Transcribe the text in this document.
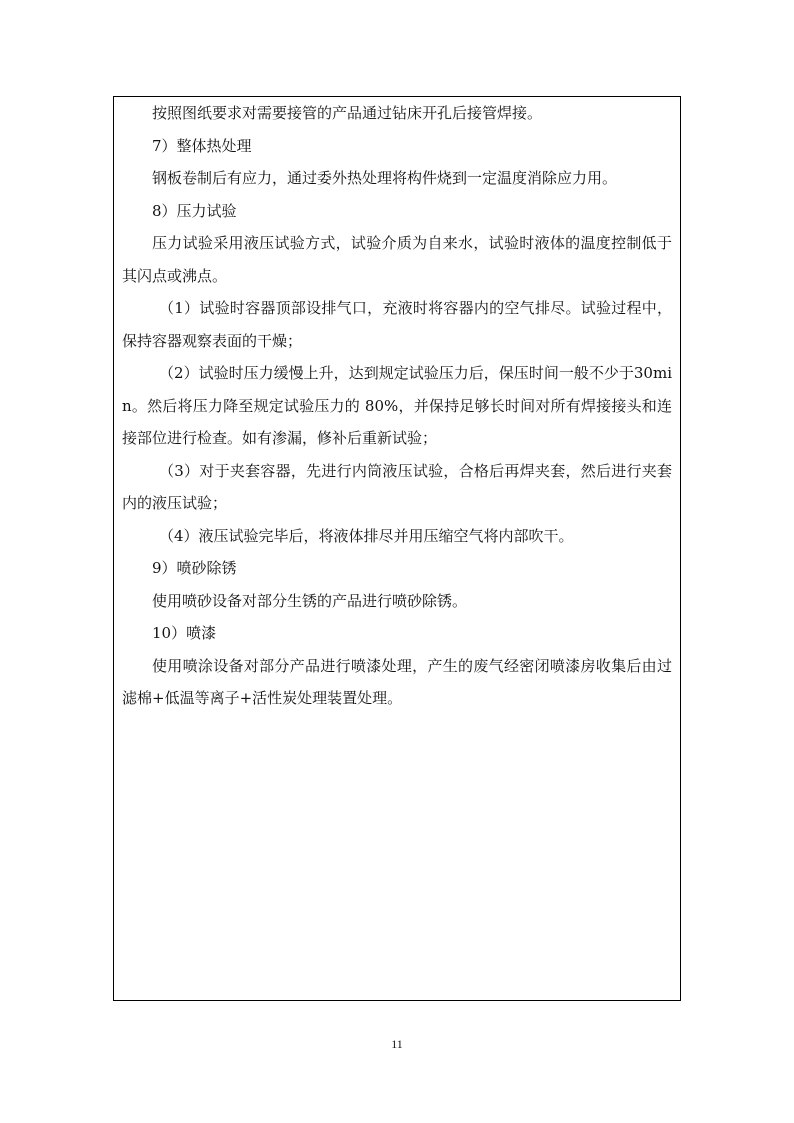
按照图纸要求对需要接管的产品通过钻床开孔后接管焊接。

7）整体热处理

钢板卷制后有应力，通过委外热处理将构件烧到一定温度消除应力用。

8）压力试验

压力试验采用液压试验方式，试验介质为自来水，试验时液体的温度控制低于其闪点或沸点。

（1）试验时容器顶部设排气口，充液时将容器内的空气排尽。试验过程中，保持容器观察表面的干燥；

（2）试验时压力缓慢上升，达到规定试验压力后，保压时间一般不少于30min。然后将压力降至规定试验压力的 80%，并保持足够长时间对所有焊接接头和连接部位进行检查。如有渗漏，修补后重新试验；

（3）对于夹套容器，先进行内筒液压试验，合格后再焊夹套，然后进行夹套内的液压试验；

（4）液压试验完毕后，将液体排尽并用压缩空气将内部吹干。

9）喷砂除锈

使用喷砂设备对部分生锈的产品进行喷砂除锈。

10）喷漆

使用喷涂设备对部分产品进行喷漆处理，产生的废气经密闭喷漆房收集后由过滤棉+低温等离子+活性炭处理装置处理。

11
